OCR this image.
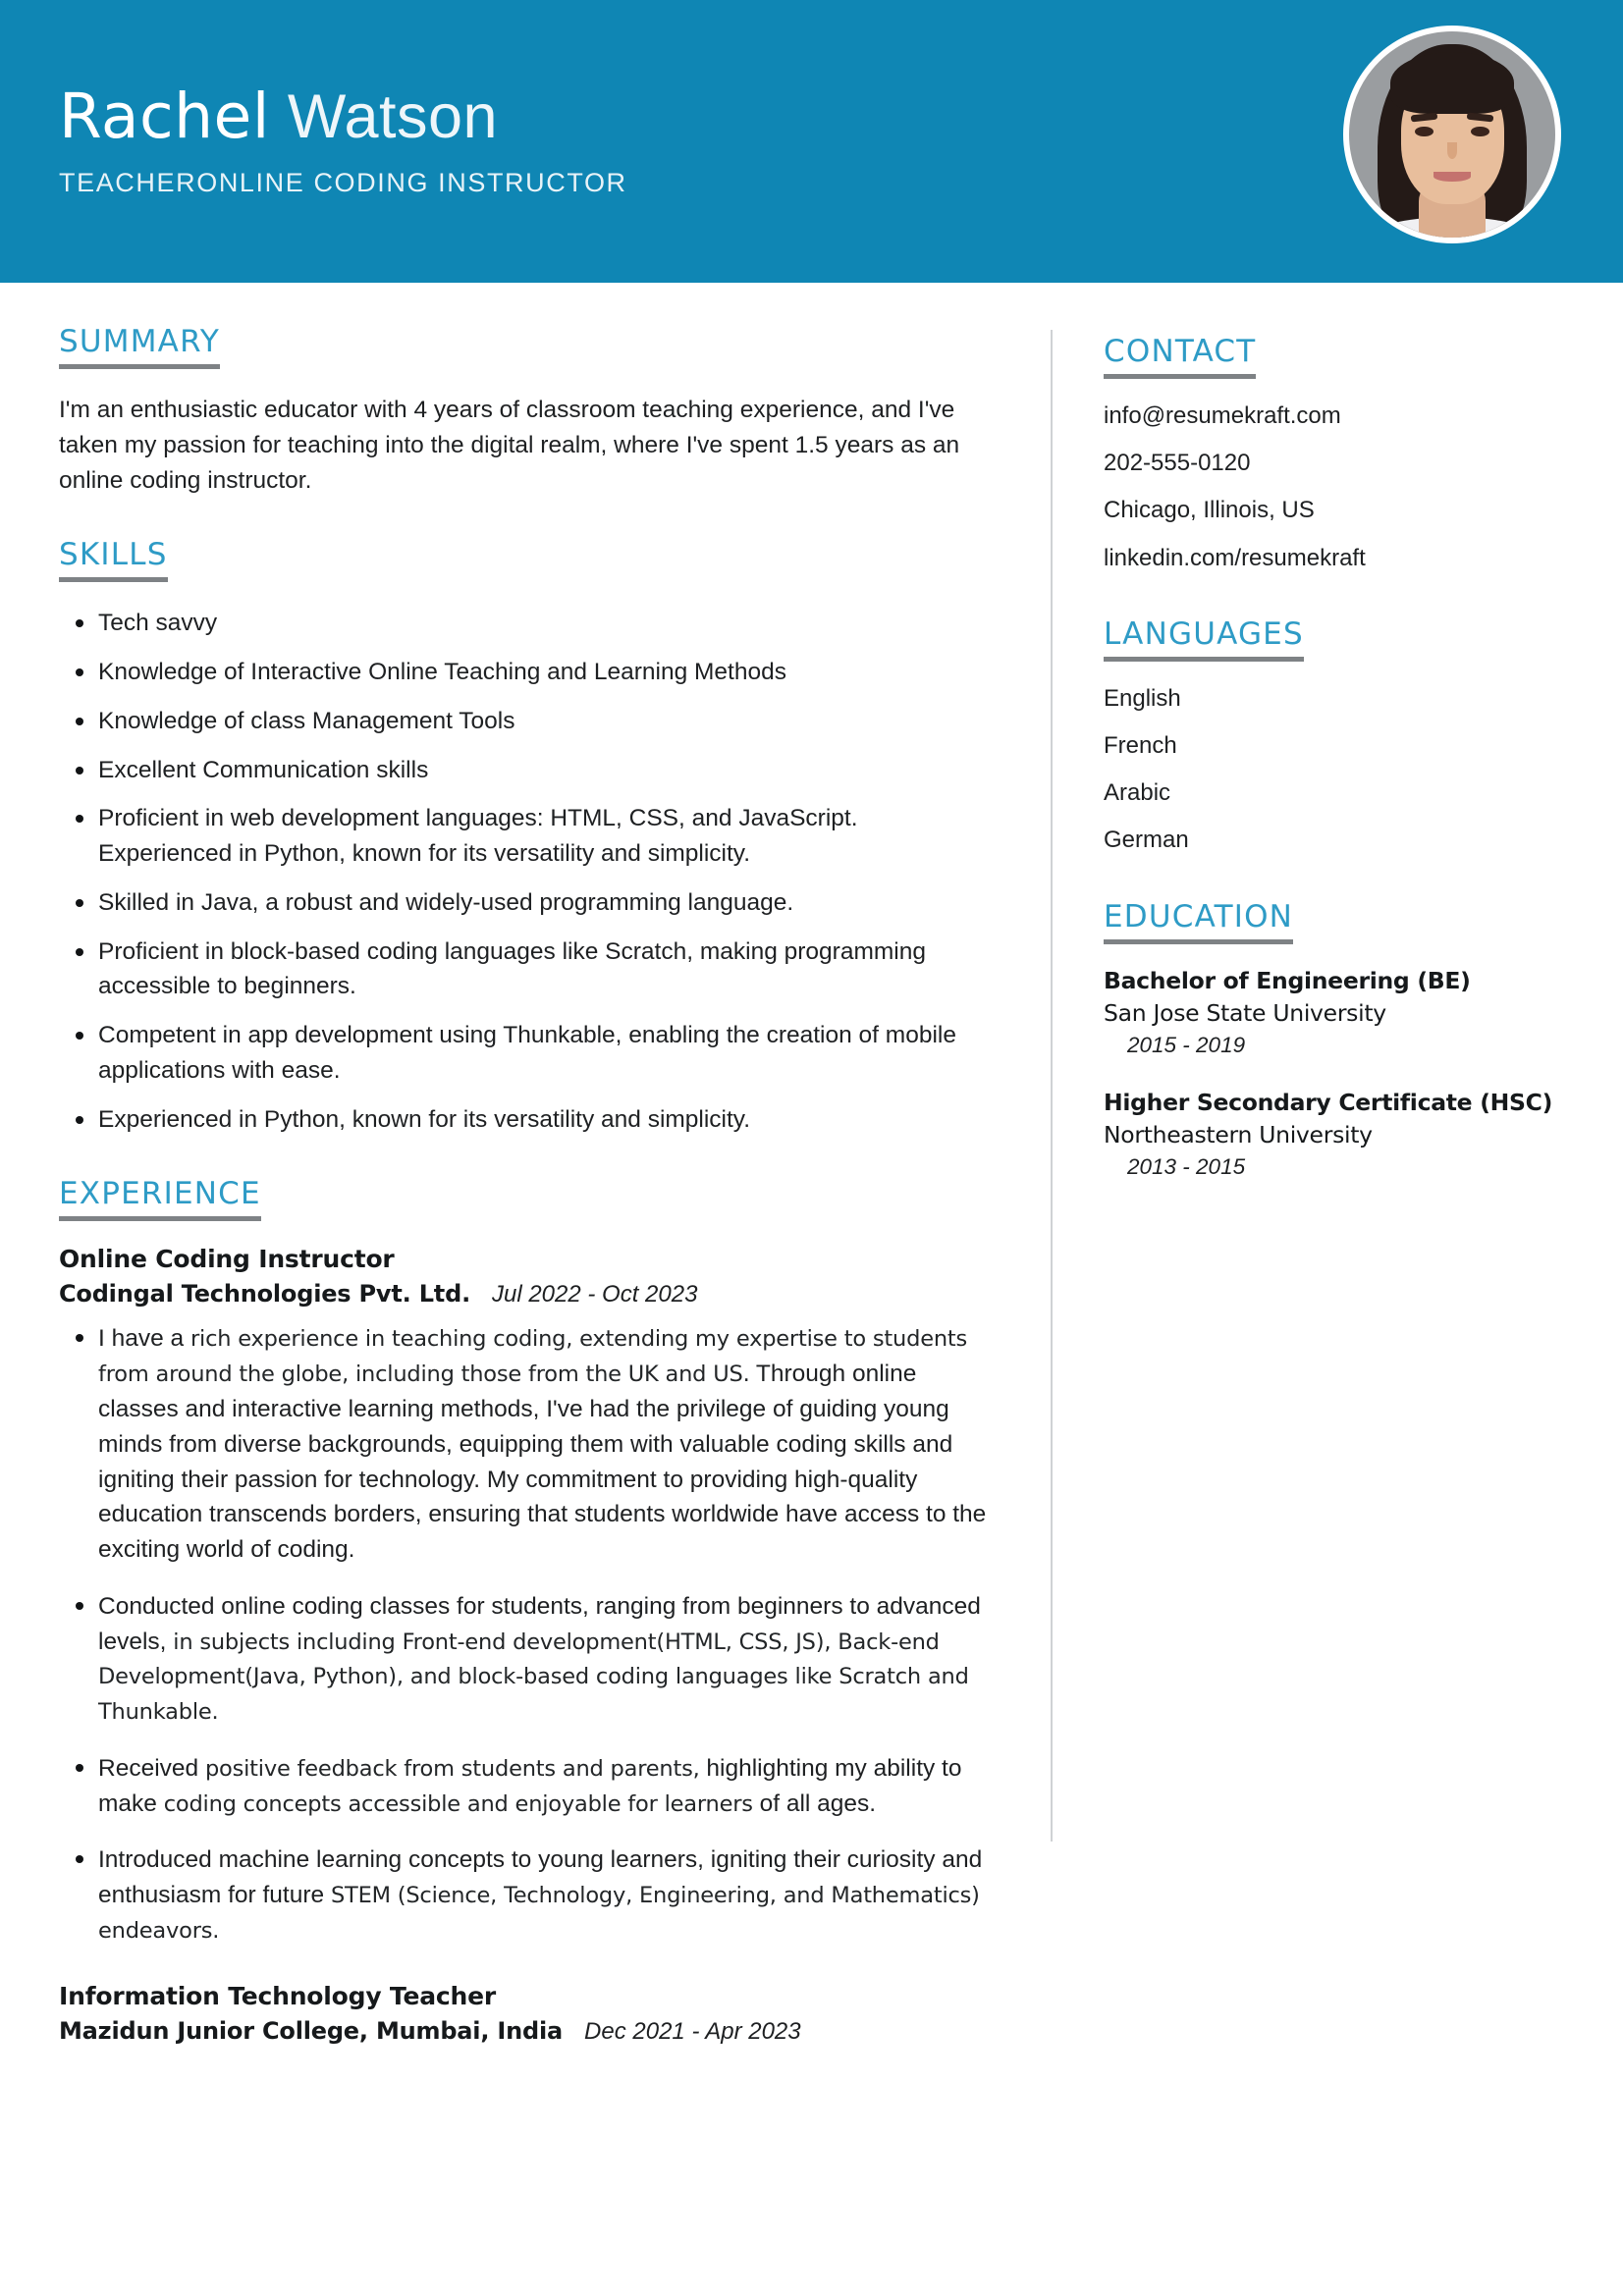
Rachel Watson
TEACHERONLINE CODING INSTRUCTOR
SUMMARY
I'm an enthusiastic educator with 4 years of classroom teaching experience, and I've taken my passion for teaching into the digital realm, where I've spent 1.5 years as an online coding instructor.
SKILLS
Tech savvy
Knowledge of Interactive Online Teaching and Learning Methods
Knowledge of class Management Tools
Excellent Communication skills
Proficient in web development languages: HTML, CSS, and JavaScript. Experienced in Python, known for its versatility and simplicity.
Skilled in Java, a robust and widely-used programming language.
Proficient in block-based coding languages like Scratch, making programming accessible to beginners.
Competent in app development using Thunkable, enabling the creation of mobile applications with ease.
Experienced in Python, known for its versatility and simplicity.
EXPERIENCE
Online Coding Instructor
Codingal Technologies Pvt. Ltd. Jul 2022 - Oct 2023
I have a rich experience in teaching coding, extending my expertise to students from around the globe, including those from the UK and US. Through online classes and interactive learning methods, I've had the privilege of guiding young minds from diverse backgrounds, equipping them with valuable coding skills and igniting their passion for technology. My commitment to providing high-quality education transcends borders, ensuring that students worldwide have access to the exciting world of coding.
Conducted online coding classes for students, ranging from beginners to advanced levels, in subjects including Front-end development(HTML, CSS, JS), Back-end Development(Java, Python), and block-based coding languages like Scratch and Thunkable.
Received positive feedback from students and parents, highlighting my ability to make coding concepts accessible and enjoyable for learners of all ages.
Introduced machine learning concepts to young learners, igniting their curiosity and enthusiasm for future STEM (Science, Technology, Engineering, and Mathematics) endeavors.
Information Technology Teacher
Mazidun Junior College, Mumbai, India Dec 2021 - Apr 2023
CONTACT
info@resumekraft.com
202-555-0120
Chicago, Illinois, US
linkedin.com/resumekraft
LANGUAGES
English
French
Arabic
German
EDUCATION
Bachelor of Engineering (BE)
San Jose State University
2015 - 2019
Higher Secondary Certificate (HSC)
Northeastern University
2013 - 2015
